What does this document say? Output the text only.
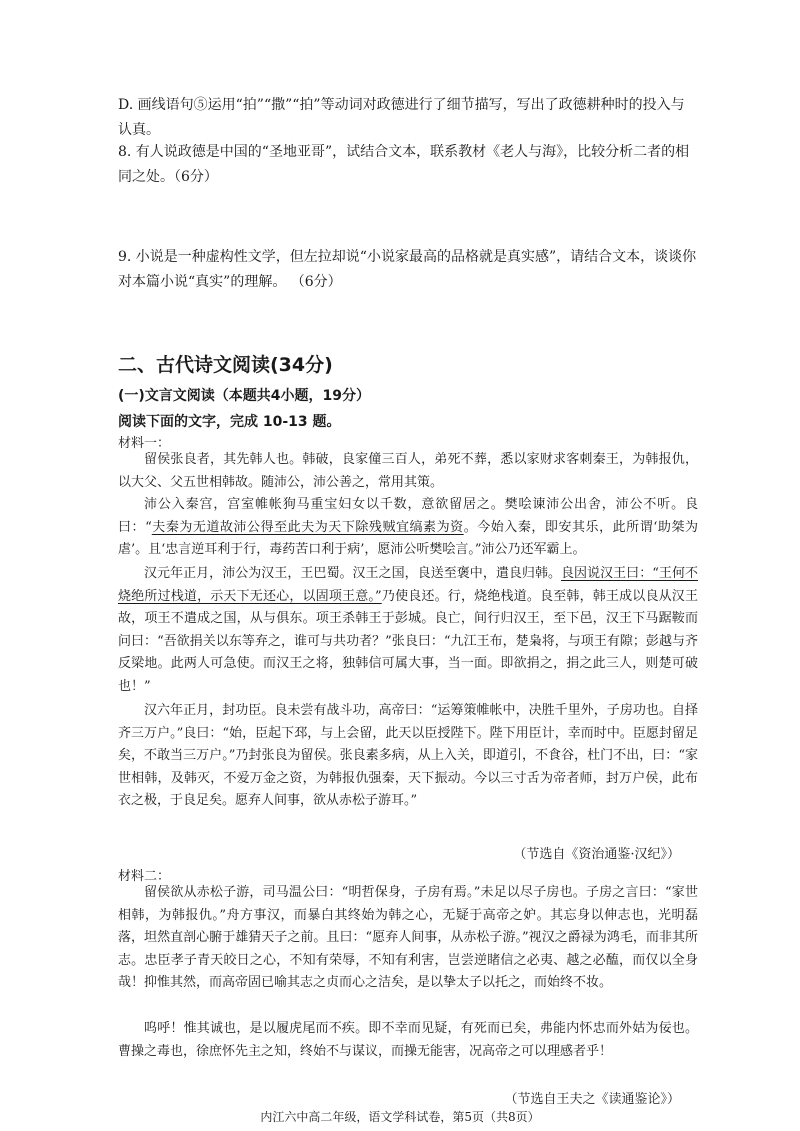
D. 画线语句⑤运用“拍”“撒”“拍”等动词对政德进行了细节描写，写出了政德耕种时的投入与认真。

8. 有人说政德是中国的“圣地亚哥”，试结合文本，联系教材《老人与海》，比较分析二者的相同之处。（6分）

9. 小说是一种虚构性文学，但左拉却说“小说家最高的品格就是真实感”，请结合文本，谈谈你对本篇小说“真实”的理解。 （6分）

二、古代诗文阅读(34分)
(一)文言文阅读（本题共4小题，19分）
阅读下面的文字，完成 10-13 题。
材料一：

留侯张良者，其先韩人也。韩破，良家僮三百人，弟死不葬，悉以家财求客刺秦王，为韩报仇，以大父、父五世相韩故。随沛公，沛公善之，常用其策。

沛公入秦宫，宫室帷帐狗马重宝妇女以千数，意欲留居之。樊哙谏沛公出舍，沛公不听。良曰：“夫秦为无道故沛公得至此夫为天下除残贼宜缟素为资。今始入秦，即安其乐，此所谓‘助桀为虐’。且‘忠言逆耳利于行，毒药苦口利于病’，愿沛公听樊哙言。”沛公乃还军霸上。

汉元年正月，沛公为汉王，王巴蜀。汉王之国，良送至褒中，遣良归韩。良因说汉王曰：“王何不烧绝所过栈道，示天下无还心，以固项王意。”乃使良还。行，烧绝栈道。良至韩，韩王成以良从汉王故，项王不遣成之国，从与俱东。项王杀韩王于彭城。良亡，间行归汉王，至下邑，汉王下马踞鞍而问曰：“吾欲捐关以东等弃之，谁可与共功者？”张良曰：“九江王布，楚枭将，与项王有隙；彭越与齐反梁地。此两人可急使。而汉王之将，独韩信可属大事，当一面。即欲捐之，捐之此三人，则楚可破也！”

汉六年正月，封功臣。良未尝有战斗功，高帝曰：“运筹策帷帐中，决胜千里外，子房功也。自择齐三万户。”良曰：“始，臣起下邳，与上会留，此天以臣授陛下。陛下用臣计，幸而时中。臣愿封留足矣，不敢当三万户。”乃封张良为留侯。张良素多病，从上入关，即道引，不食谷，杜门不出，曰：“家世相韩，及韩灭，不爱万金之资，为韩报仇强秦，天下振动。今以三寸舌为帝者师，封万户侯，此布衣之极，于良足矣。愿弃人间事，欲从赤松子游耳。”

（节选自《资治通鉴·汉纪》）
材料二：

留侯欲从赤松子游，司马温公曰：“明哲保身，子房有焉。”未足以尽子房也。子房之言曰：“家世相韩，为韩报仇。”舟方事汉，而暴白其终始为韩之心，无疑于高帝之妒。其忘身以伸志也，光明磊落，坦然直剖心腑于雄猜天子之前。且曰：“愿弃人间事，从赤松子游。”视汉之爵禄为鸿毛，而非其所志。忠臣孝子青天皎日之心，不知有荣辱，不知有利害，岂尝逆睹信之必夷、越之必醢，而仅以全身哉！抑惟其然，而高帝固已喻其志之贞而心之洁矣，是以挚太子以托之，而始终不妆。

呜呼！惟其诚也，是以履虎尾而不疾。即不幸而见疑，有死而已矣，弗能内怀忠而外姑为佞也。曹操之毒也，徐庶怀先主之知，终始不与谋议，而操无能害，况高帝之可以理感者乎！

（节选自王夫之《读通鉴论》）
内江六中高二年级，语文学科试卷，第5页（共8页）
